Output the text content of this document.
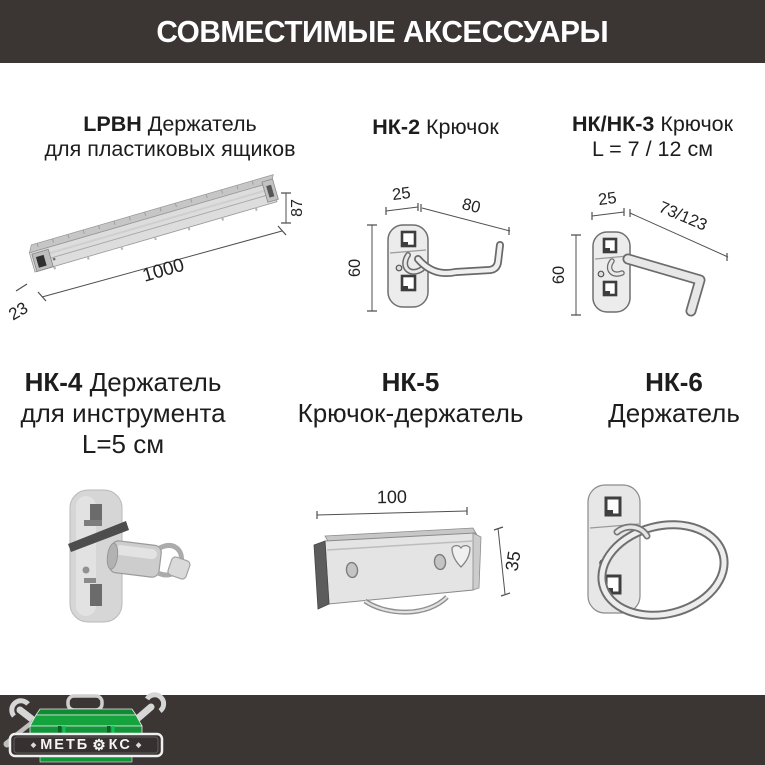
СОВМЕСТИМЫЕ АКСЕССУАРЫ
LPBH Держатель
для пластиковых ящиков
НК-2 Крючок	НК/НК-3 Крючок
L = 7 / 12 см
87
1000
23
25
80
60
25 73/123
60
НК-4 Держатель
для инструмента
L=5 см
НК-5
Крючок-держатель
НК-6
Держатель
100
35
◆ МЕТБ ⚙ КС ◆
